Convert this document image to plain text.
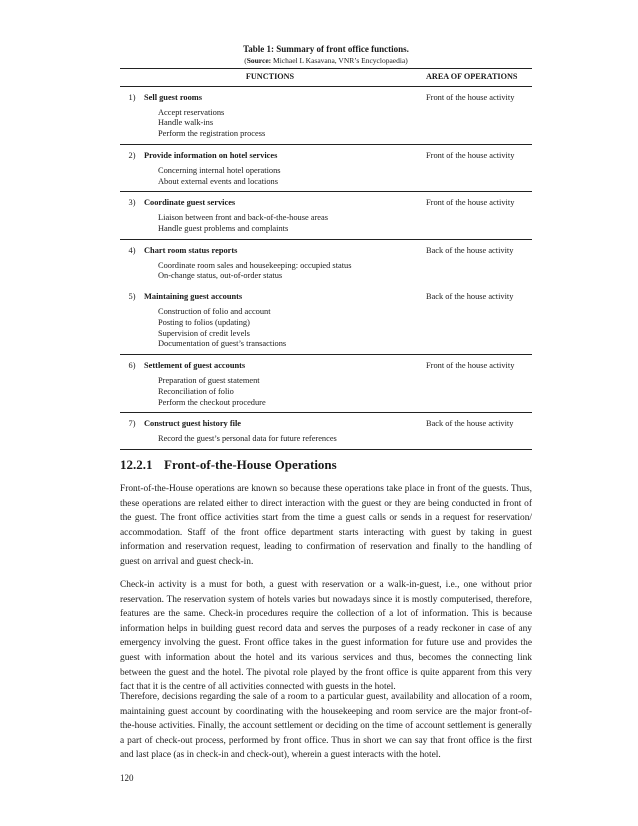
Table 1: Summary of front office functions.
(Source: Michael L Kasavana, VNR’s Encyclopaedia)
FUNCTIONS		AREA OF OPERATIONS
1)	Sell guest rooms	Front of the house activity

	Accept reservations
Handle walk-ins
Perform the registration process	

2)	Provide information on hotel services	Front of the house activity

	Concerning internal hotel operations
About external events and locations	

3)	Coordinate guest services	Front of the house activity

	Liaison between front and back-of-the-house areas
Handle guest problems and complaints	

4)	Chart room status reports	Back of the house activity

	Coordinate room sales and housekeeping: occupied status
On-change status, out-of-order status	

5)	Maintaining guest accounts	Back of the house activity

	Construction of folio and account
Posting to folios (updating)
Supervision of credit levels
Documentation of guest’s transactions	

6)	Settlement of guest accounts	Front of the house activity

	Preparation of guest statement
Reconciliation of folio
Perform the checkout procedure	

7)	Construct guest history file	Back of the house activity

	Record the guest’s personal data for future references	

12.2.1 Front-of-the-House Operations

Front-of-the-House operations are known so because these operations take place in front of the guests. Thus, these operations are related either to direct interaction with the guest or they are being conducted in front of the guest. The front office activities start from the time a guest calls or sends in a request for reservation/ accommodation. Staff of the front office department starts interacting with guest by taking in guest information and reservation request, leading to confirmation of reservation and finally to the handling of guest on arrival and guest check-in.

Check-in activity is a must for both, a guest with reservation or a walk-in-guest, i.e., one without prior reservation. The reservation system of hotels varies but nowadays since it is mostly computerised, therefore, features are the same. Check-in procedures require the collection of a lot of information. This is because information helps in building guest record data and serves the purposes of a ready reckoner in case of any emergency involving the guest. Front office takes in the guest information for future use and provides the guest with information about the hotel and its various services and thus, becomes the connecting link between the guest and the hotel. The pivotal role played by the front office is quite apparent from this very fact that it is the centre of all activities connected with guests in the hotel.

Therefore, decisions regarding the sale of a room to a particular guest, availability and allocation of a room, maintaining guest account by coordinating with the housekeeping and room service are the major front-of-the-house activities. Finally, the account settlement or deciding on the time of account settlement is generally a part of check-out process, performed by front office. Thus in short we can say that front office is the first and last place (as in check-in and check-out), wherein a guest interacts with the hotel.

120
